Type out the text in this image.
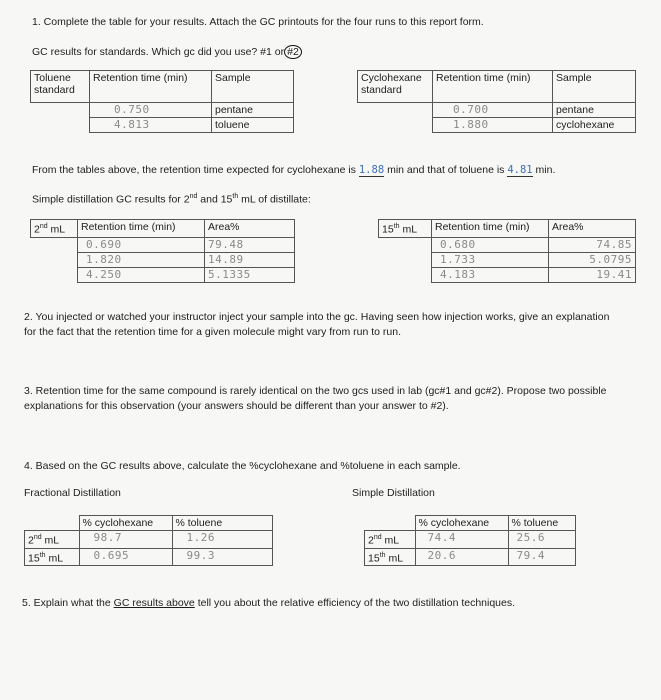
1. Complete the table for your results. Attach the GC printouts for the four runs to this report form.
GC results for standards. Which gc did you use? #1 or #2
Toluene
standard	Retention time (min)	Sample
	0.750	pentane
	4.813	toluene
Cyclohexane
standard	Retention time (min)	Sample
	0.700	pentane
	1.880	cyclohexane
From the tables above, the retention time expected for cyclohexane is 1.88 min and that of toluene is 4.81 min.
Simple distillation GC results for 2nd and 15th mL of distillate:
2nd mL	Retention time (min)	Area%
	0.690	79.48
	1.820	14.89
	4.250	5.1335
15th mL	Retention time (min)	Area%
	0.680	74.85
	1.733	5.0795
	4.183	19.41
2. You injected or watched your instructor inject your sample into the gc. Having seen how injection works, give an explanation for the fact that the retention time for a given molecule might vary from run to run.
3. Retention time for the same compound is rarely identical on the two gcs used in lab (gc#1 and gc#2). Propose two possible explanations for this observation (your answers should be different than your answer to #2).
4. Based on the GC results above, calculate the %cyclohexane and %toluene in each sample.
Fractional Distillation	Simple Distillation
	% cyclohexane	% toluene
2nd mL	98.7	1.26
15th mL	0.695	99.3
	% cyclohexane	% toluene
2nd mL	74.4	25.6
15th mL	20.6	79.4
5. Explain what the GC results above tell you about the relative efficiency of the two distillation techniques.
